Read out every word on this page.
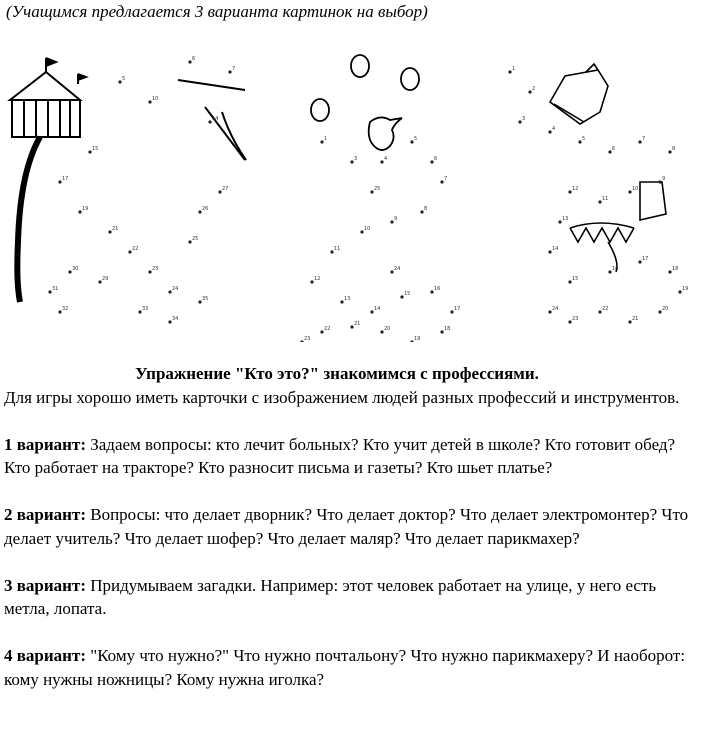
(Учащимся предлагается 3 варианта картинок на выбор)
5
6
7
10
14
15
17
19
21
22
23
24
25
26
27
29
30
31
32	33
34
35
1
3	4
5
6
7
8
9
10
11
12
13
14
15
16
17
18
19
20
21
22
23
24
25
1
2
3
4
5
6
7
8
9
10
11
12
13
14
15
16
17
18
19
20
21
22
23
24

Упражнение "Кто это?" знакомимся с профессиями.

Для игры хорошо иметь карточки с изображением людей разных профессий и инструментов.

1 вариант: Задаем вопросы: кто лечит больных? Кто учит детей в школе? Кто готовит обед? Кто работает на тракторе? Кто разносит письма и газеты? Кто шьет платье?

2 вариант: Вопросы: что делает дворник? Что делает доктор? Что делает электромонтер? Что делает учитель? Что делает шофер? Что делает маляр? Что делает парикмахер?

3 вариант: Придумываем загадки. Например: этот человек работает на улице, у него есть метла, лопата.

4 вариант: "Кому что нужно?" Что нужно почтальону? Что нужно парикмахеру? И наоборот: кому нужны ножницы? Кому нужна иголка?
